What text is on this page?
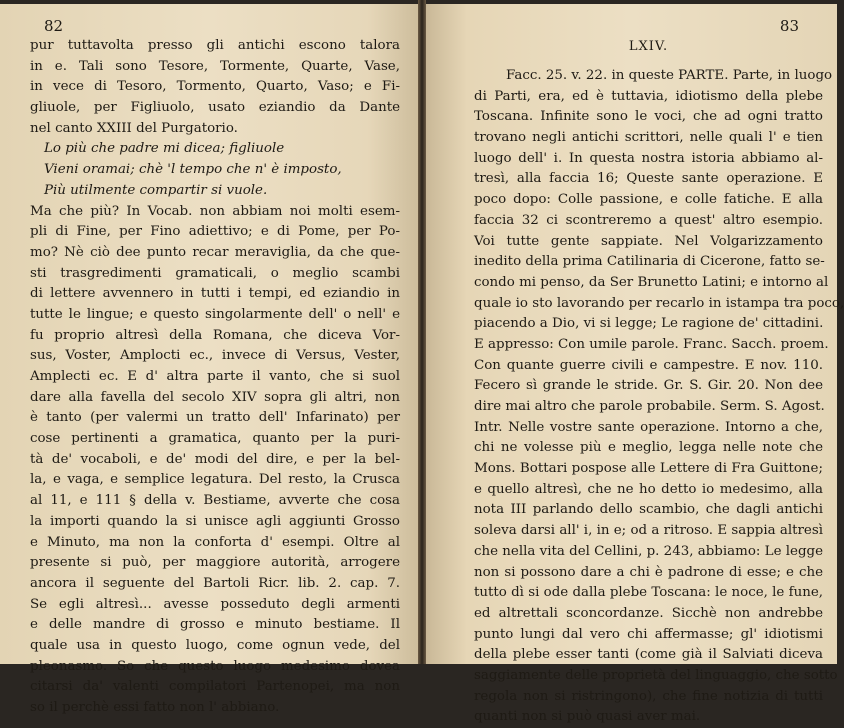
82
pur tuttavolta presso gli antichi escono talora
in e. Tali sono Tesore, Tormente, Quarte, Vase,
in vece di Tesoro, Tormento, Quarto, Vaso; e Fi-
gliuole, per Figliuolo, usato eziandio da Dante
nel canto XXIII del Purgatorio.
Lo più che padre mi dicea; figliuole
Vieni oramai; chè 'l tempo che n' è imposto,
Più utilmente compartir si vuole.
Ma che più? In Vocab. non abbiam noi molti esem-
pli di Fine, per Fino adiettivo; e di Pome, per Po-
mo? Nè ciò dee punto recar meraviglia, da che que-
sti trasgredimenti gramaticali, o meglio scambi
di lettere avvennero in tutti i tempi, ed eziandio in
tutte le lingue; e questo singolarmente dell' o nell' e
fu proprio altresì della Romana, che diceva Vor-
sus, Voster, Amplocti ec., invece di Versus, Vester,
Amplecti ec. E d' altra parte il vanto, che si suol
dare alla favella del secolo XIV sopra gli altri, non
è tanto (per valermi un tratto dell' Infarinato) per
cose pertinenti a gramatica, quanto per la puri-
tà de' vocaboli, e de' modi del dire, e per la bel-
la, e vaga, e semplice legatura. Del resto, la Crusca
al 11, e 111 § della v. Bestiame, avverte che cosa
la importi quando la si unisce agli aggiunti Grosso
e Minuto, ma non la conforta d' esempi. Oltre al
presente si può, per maggiore autorità, arrogere
ancora il seguente del Bartoli Ricr. lib. 2. cap. 7.
Se egli altresì... avesse posseduto degli armenti
e delle mandre di grosso e minuto bestiame. Il
quale usa in questo luogo, come ognun vede, del
pleonasmo. So che questo luogo medesimo dovea
citarsi da' valenti compilatori Partenopei, ma non
so il perchè essi fatto non l' abbiano.
83
LXIV.
Facc. 25. v. 22. in queste PARTE. Parte, in luogo
di Parti, era, ed è tuttavia, idiotismo della plebe
Toscana. Infinite sono le voci, che ad ogni tratto
trovano negli antichi scrittori, nelle quali l' e tien
luogo dell' i. In questa nostra istoria abbiamo al-
tresì, alla faccia 16; Queste sante operazione. E
poco dopo: Colle passione, e colle fatiche. E alla
faccia 32 ci scontreremo a quest' altro esempio.
Voi tutte gente sappiate. Nel Volgarizzamento
inedito della prima Catilinaria di Cicerone, fatto se-
condo mi penso, da Ser Brunetto Latini; e intorno al
quale io sto lavorando per recarlo in istampa tra poco,
piacendo a Dio, vi si legge; Le ragione de' cittadini.
E appresso: Con umile parole. Franc. Sacch. proem.
Con quante guerre civili e campestre. E nov. 110.
Fecero sì grande le stride. Gr. S. Gir. 20. Non dee
dire mai altro che parole probabile. Serm. S. Agost.
Intr. Nelle vostre sante operazione. Intorno a che,
chi ne volesse più e meglio, legga nelle note che
Mons. Bottari pospose alle Lettere di Fra Guittone;
e quello altresì, che ne ho detto io medesimo, alla
nota III parlando dello scambio, che dagli antichi
soleva darsi all' i, in e; od a ritroso. E sappia altresì
che nella vita del Cellini, p. 243, abbiamo: Le legge
non si possono dare a chi è padrone di esse; e che
tutto dì si ode dalla plebe Toscana: le noce, le fune,
ed altrettali sconcordanze. Sicchè non andrebbe
punto lungi dal vero chi affermasse; gl' idiotismi
della plebe esser tanti (come già il Salviati diceva
saggiamente delle proprietà del linguaggio, che sotto
regola non si ristringono), che fine notizia di tutti
quanti non si può quasi aver mai.
